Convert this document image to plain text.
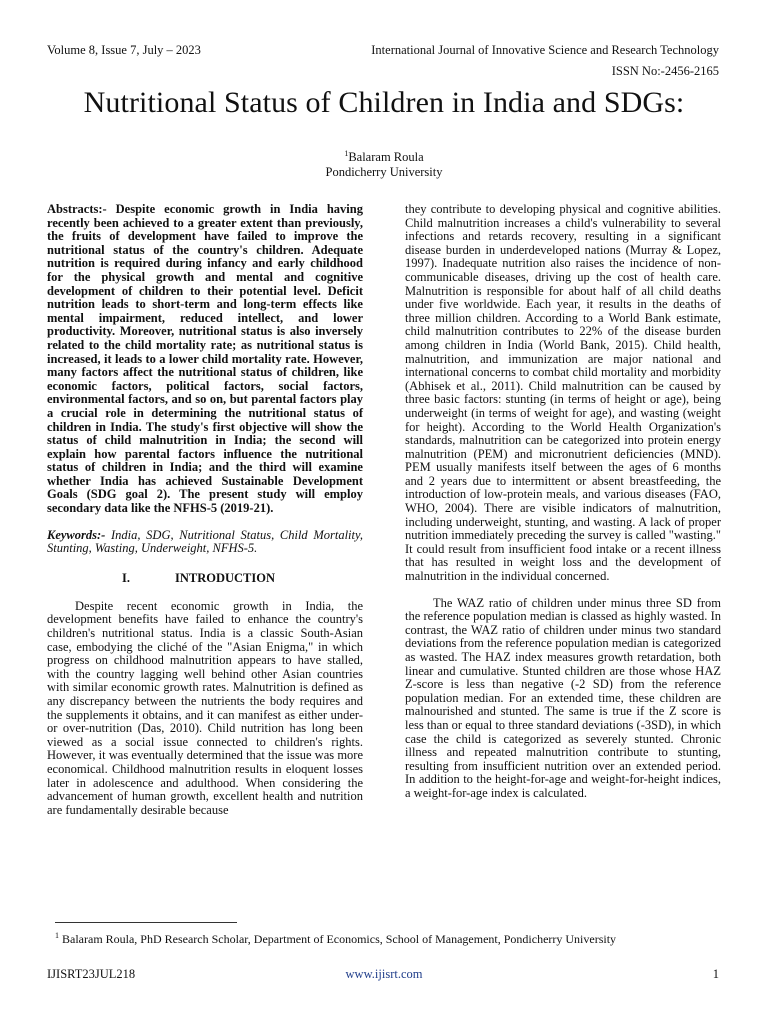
Volume 8, Issue 7, July – 2023	International Journal of Innovative Science and Research Technology
ISSN No:-2456-2165
Nutritional Status of Children in India and SDGs:
$^1$Balaram Roula
Pondicherry University

Abstracts:- Despite economic growth in India having recently been achieved to a greater extent than previously, the fruits of development have failed to improve the nutritional status of the country's children. Adequate nutrition is required during infancy and early childhood for the physical growth and mental and cognitive development of children to their potential level. Deficit nutrition leads to short-term and long-term effects like mental impairment, reduced intellect, and lower productivity. Moreover, nutritional status is also inversely related to the child mortality rate; as nutritional status is increased, it leads to a lower child mortality rate. However, many factors affect the nutritional status of children, like economic factors, political factors, social factors, environmental factors, and so on, but parental factors play a crucial role in determining the nutritional status of children in India. The study's first objective will show the status of child malnutrition in India; the second will explain how parental factors influence the nutritional status of children in India; and the third will examine whether India has achieved Sustainable Development Goals (SDG goal 2). The present study will employ secondary data like the NFHS-5 (2019-21).

Keywords:- India, SDG, Nutritional Status, Child Mortality, Stunting, Wasting, Underweight, NFHS-5.

I.	INTRODUCTION

Despite recent economic growth in India, the development benefits have failed to enhance the country's children's nutritional status. India is a classic South-Asian case, embodying the cliché of the "Asian Enigma," in which progress on childhood malnutrition appears to have stalled, with the country lagging well behind other Asian countries with similar economic growth rates. Malnutrition is defined as any discrepancy between the nutrients the body requires and the supplements it obtains, and it can manifest as either under-or over-nutrition (Das, 2010). Child nutrition has long been viewed as a social issue connected to children's rights. However, it was eventually determined that the issue was more economical. Childhood malnutrition results in eloquent losses later in adolescence and adulthood. When considering the advancement of human growth, excellent health and nutrition are fundamentally desirable because

they contribute to developing physical and cognitive abilities. Child malnutrition increases a child's vulnerability to several infections and retards recovery, resulting in a significant disease burden in underdeveloped nations (Murray & Lopez, 1997). Inadequate nutrition also raises the incidence of non-communicable diseases, driving up the cost of health care. Malnutrition is responsible for about half of all child deaths under five worldwide. Each year, it results in the deaths of three million children. According to a World Bank estimate, child malnutrition contributes to 22% of the disease burden among children in India (World Bank, 2015). Child health, malnutrition, and immunization are major national and international concerns to combat child mortality and morbidity (Abhisek et al., 2011). Child malnutrition can be caused by three basic factors: stunting (in terms of height or age), being underweight (in terms of weight for age), and wasting (weight for height). According to the World Health Organization's standards, malnutrition can be categorized into protein energy malnutrition (PEM) and micronutrient deficiencies (MND). PEM usually manifests itself between the ages of 6 months and 2 years due to intermittent or absent breastfeeding, the introduction of low-protein meals, and various diseases (FAO, WHO, 2004). There are visible indicators of malnutrition, including underweight, stunting, and wasting. A lack of proper nutrition immediately preceding the survey is called "wasting." It could result from insufficient food intake or a recent illness that has resulted in weight loss and the development of malnutrition in the individual concerned.

The WAZ ratio of children under minus three SD from the reference population median is classed as highly wasted. In contrast, the WAZ ratio of children under minus two standard deviations from the reference population median is categorized as wasted. The HAZ index measures growth retardation, both linear and cumulative. Stunted children are those whose HAZ Z-score is less than negative (-2 SD) from the reference population median. For an extended time, these children are malnourished and stunted. The same is true if the Z score is less than or equal to three standard deviations (-3SD), in which case the child is categorized as severely stunted. Chronic illness and repeated malnutrition contribute to stunting, resulting from insufficient nutrition over an extended period. In addition to the height-for-age and weight-for-height indices, a weight-for-age index is calculated.

$^1$ Balaram Roula, PhD Research Scholar, Department of Economics, School of Management, Pondicherry University
IJISRT23JUL218	www.ijisrt.com	1
